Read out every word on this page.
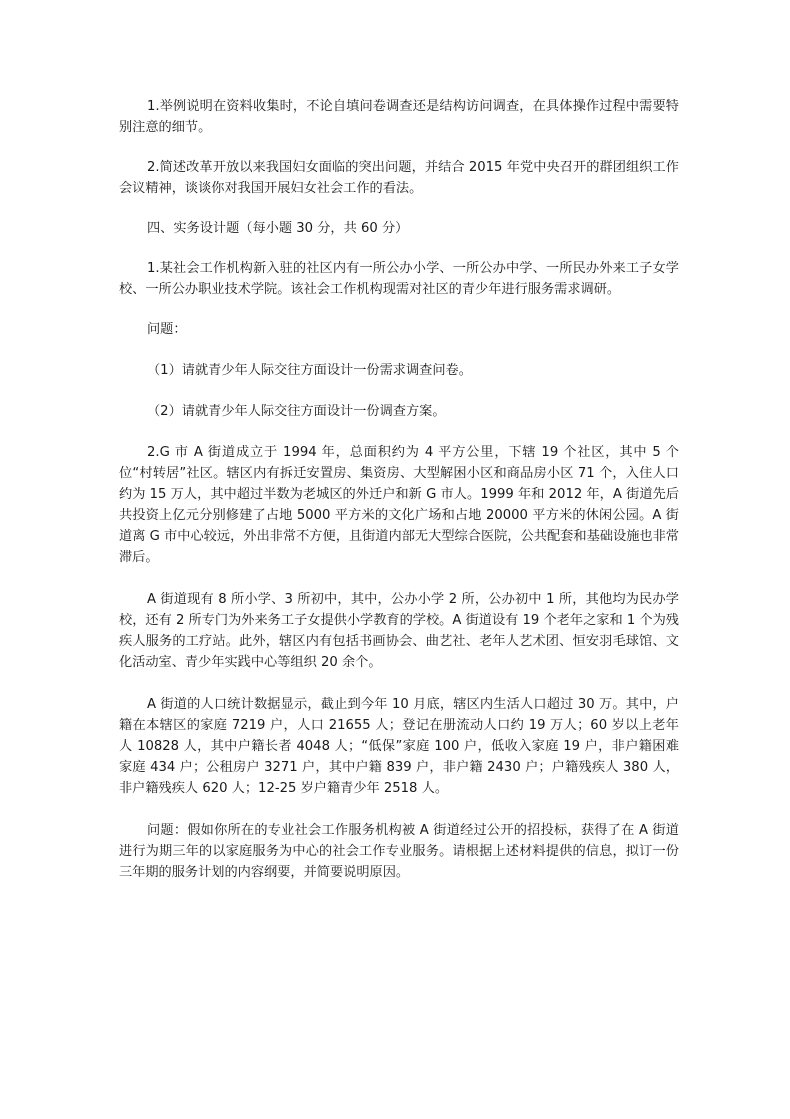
1.举例说明在资料收集时，不论自填问卷调查还是结构访问调查，在具体操作过程中需要特别注意的细节。

2.简述改革开放以来我国妇女面临的突出问题，并结合 2015 年党中央召开的群团组织工作会议精神，谈谈你对我国开展妇女社会工作的看法。

四、实务设计题（每小题 30 分，共 60 分）

1.某社会工作机构新入驻的社区内有一所公办小学、一所公办中学、一所民办外来工子女学校、一所公办职业技术学院。该社会工作机构现需对社区的青少年进行服务需求调研。

问题：

（1）请就青少年人际交往方面设计一份需求调查问卷。

（2）请就青少年人际交往方面设计一份调查方案。

2.G 市 A 街道成立于 1994 年，总面积约为 4 平方公里，下辖 19 个社区，其中 5 个位“村转居”社区。辖区内有拆迁安置房、集资房、大型解困小区和商品房小区 71 个，入住人口约为 15 万人，其中超过半数为老城区的外迁户和新 G 市人。1999 年和 2012 年，A 街道先后共投资上亿元分别修建了占地 5000 平方米的文化广场和占地 20000 平方米的休闲公园。A 街道离 G 市中心较远，外出非常不方便，且街道内部无大型综合医院，公共配套和基础设施也非常滞后。

A 街道现有 8 所小学、3 所初中，其中，公办小学 2 所，公办初中 1 所，其他均为民办学校，还有 2 所专门为外来务工子女提供小学教育的学校。A 街道设有 19 个老年之家和 1 个为残疾人服务的工疗站。此外，辖区内有包括书画协会、曲艺社、老年人艺术团、恒安羽毛球馆、文化活动室、青少年实践中心等组织 20 余个。

A 街道的人口统计数据显示，截止到今年 10 月底，辖区内生活人口超过 30 万。其中，户籍在本辖区的家庭 7219 户，人口 21655 人；登记在册流动人口约 19 万人；60 岁以上老年人 10828 人，其中户籍长者 4048 人；“低保”家庭 100 户，低收入家庭 19 户，非户籍困难家庭 434 户；公租房户 3271 户，其中户籍 839 户，非户籍 2430 户；户籍残疾人 380 人，非户籍残疾人 620 人；12-25 岁户籍青少年 2518 人。

问题：假如你所在的专业社会工作服务机构被 A 街道经过公开的招投标，获得了在 A 街道进行为期三年的以家庭服务为中心的社会工作专业服务。请根据上述材料提供的信息，拟订一份三年期的服务计划的内容纲要，并简要说明原因。
